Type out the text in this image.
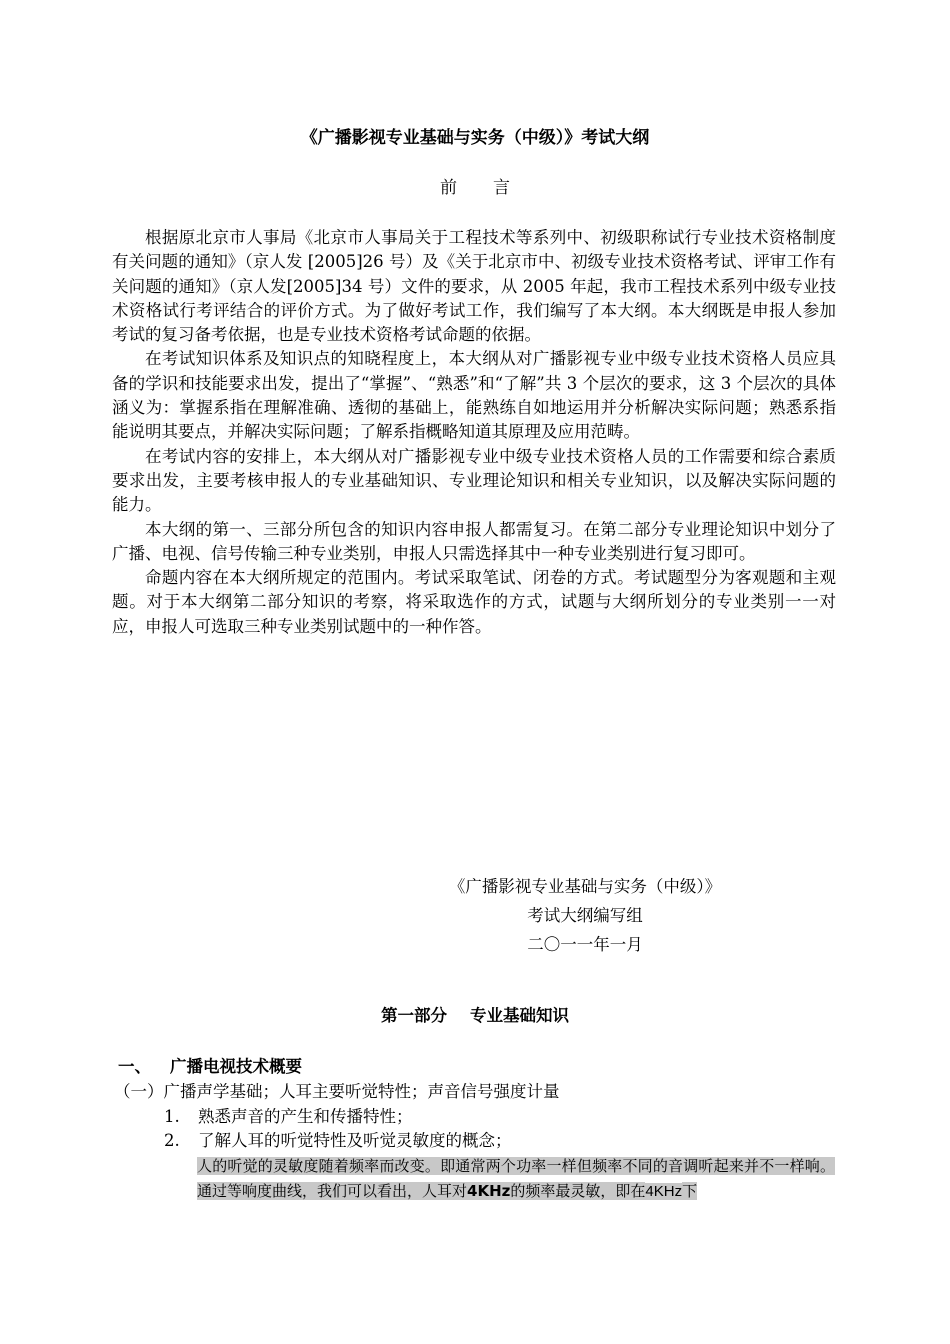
《广播影视专业基础与实务（中级）》考试大纲
前 言

根据原北京市人事局《北京市人事局关于工程技术等系列中、初级职称试行专业技术资格制度有关问题的通知》（京人发 [2005]26 号）及《关于北京市中、初级专业技术资格考试、评审工作有关问题的通知》（京人发[2005]34 号）文件的要求，从 2005 年起，我市工程技术系列中级专业技术资格试行考评结合的评价方式。为了做好考试工作，我们编写了本大纲。本大纲既是申报人参加考试的复习备考依据，也是专业技术资格考试命题的依据。

在考试知识体系及知识点的知晓程度上，本大纲从对广播影视专业中级专业技术资格人员应具备的学识和技能要求出发，提出了“掌握”、“熟悉”和“了解”共 3 个层次的要求，这 3 个层次的具体涵义为：掌握系指在理解准确、透彻的基础上，能熟练自如地运用并分析解决实际问题；熟悉系指能说明其要点，并解决实际问题；了解系指概略知道其原理及应用范畴。

在考试内容的安排上，本大纲从对广播影视专业中级专业技术资格人员的工作需要和综合素质要求出发，主要考核申报人的专业基础知识、专业理论知识和相关专业知识，以及解决实际问题的能力。

本大纲的第一、三部分所包含的知识内容申报人都需复习。在第二部分专业理论知识中划分了广播、电视、信号传输三种专业类别，申报人只需选择其中一种专业类别进行复习即可。

命题内容在本大纲所规定的范围内。考试采取笔试、闭卷的方式。考试题型分为客观题和主观题。对于本大纲第二部分知识的考察，将采取选作的方式，试题与大纲所划分的专业类别一一对应，申报人可选取三种专业类别试题中的一种作答。

《广播影视专业基础与实务（中级）》
考试大纲编写组
二〇一一年一月
第一部分    专业基础知识
一、 广播电视技术概要
（一）广播声学基础；人耳主要听觉特性；声音信号强度计量
1. 熟悉声音的产生和传播特性；
2. 了解人耳的听觉特性及听觉灵敏度的概念；
人的听觉的灵敏度随着频率而改变。即通常两个功率一样但频率不同的音调听起来并不一样响。通过等响度曲线，我们可以看出，人耳对4KHz的频率最灵敏，即在4KHz下
